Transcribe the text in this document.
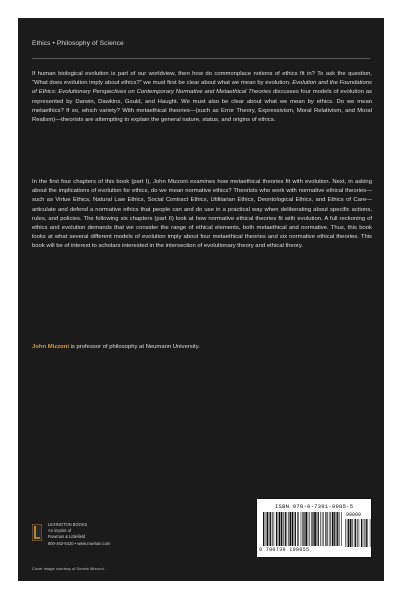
Ethics • Philosophy of Science
If human biological evolution is part of our worldview, then how do commonplace notions of ethics fit in? To ask the question, “What does evolution imply about ethics?” we must first be clear about what we mean by evolution. Evolution and the Foundations of Ethics: Evolutionary Perspectives on Contemporary Normative and Metaethical Theories discusses four models of evolution as represented by Darwin, Dawkins, Gould, and Haught. We must also be clear about what we mean by ethics. Do we mean metaethics? If so, which variety? With metaethical theories—(such as Error Theory, Expressivism, Moral Relativism, and Moral Realism)—theorists are attempting to explain the general nature, status, and origins of ethics.
In the first four chapters of this book (part I), John Mizzoni examines how metaethical theories fit with evolution. Next, in asking about the implications of evolution for ethics, do we mean normative ethics? Theorists who work with normative ethical theories—such as Virtue Ethics, Natural Law Ethics, Social Contract Ethics, Utilitarian Ethics, Deontological Ethics, and Ethics of Care—articulate and defend a normative ethics that people can and do use in a practical way when deliberating about specific actions, rules, and policies. The following six chapters (part II) look at how normative ethical theories fit with evolution. A full reckoning of ethics and evolution demands that we consider the range of ethical elements, both metaethical and normative. Thus, this book looks at what several different models of evolution imply about four metaethical theories and six normative ethical theories. This book will be of interest to scholars interested in the intersection of evolutionary theory and ethical theory.
John Mizzoni is professor of philosophy at Neumann University.
LEXINGTON BOOKS
An imprint of
Rowman & Littlefield
800-462-6420 • www.rowman.com
Cover image courtesy of Dennis Mizzoni.
ISBN 978-0-7391-9985-5
90000
9 780739 199855
